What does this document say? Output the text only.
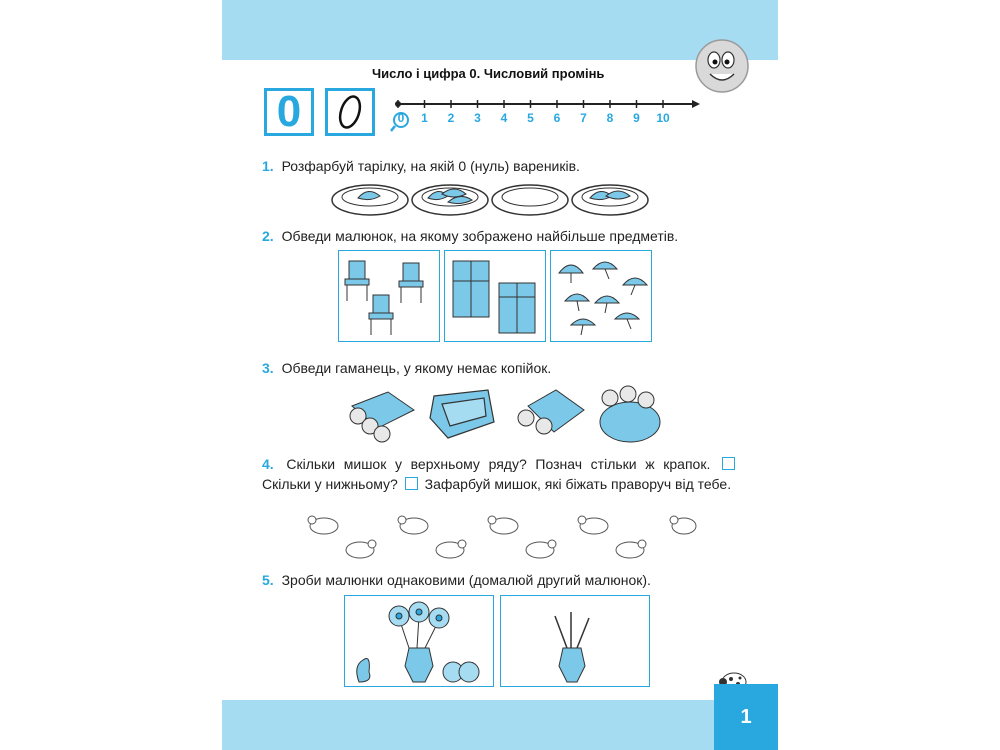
Число і цифра 0. Числовий промінь
0	0 1 2 3 4 5 6 7 8 9 10
1. Розфарбуй тарілку, на якій 0 (нуль) вареників.
2. Обведи малюнок, на якому зображено найбільше предметів.
3. Обведи гаманець, у якому немає копійок.
4. Скільки мишок у верхньому ряду? Познач стільки ж крапок.  Скільки у нижньому? Зафарбуй мишок, які біжать праворуч від тебе.
5. Зроби малюнки однаковими (домалюй другий малюнок).
1
